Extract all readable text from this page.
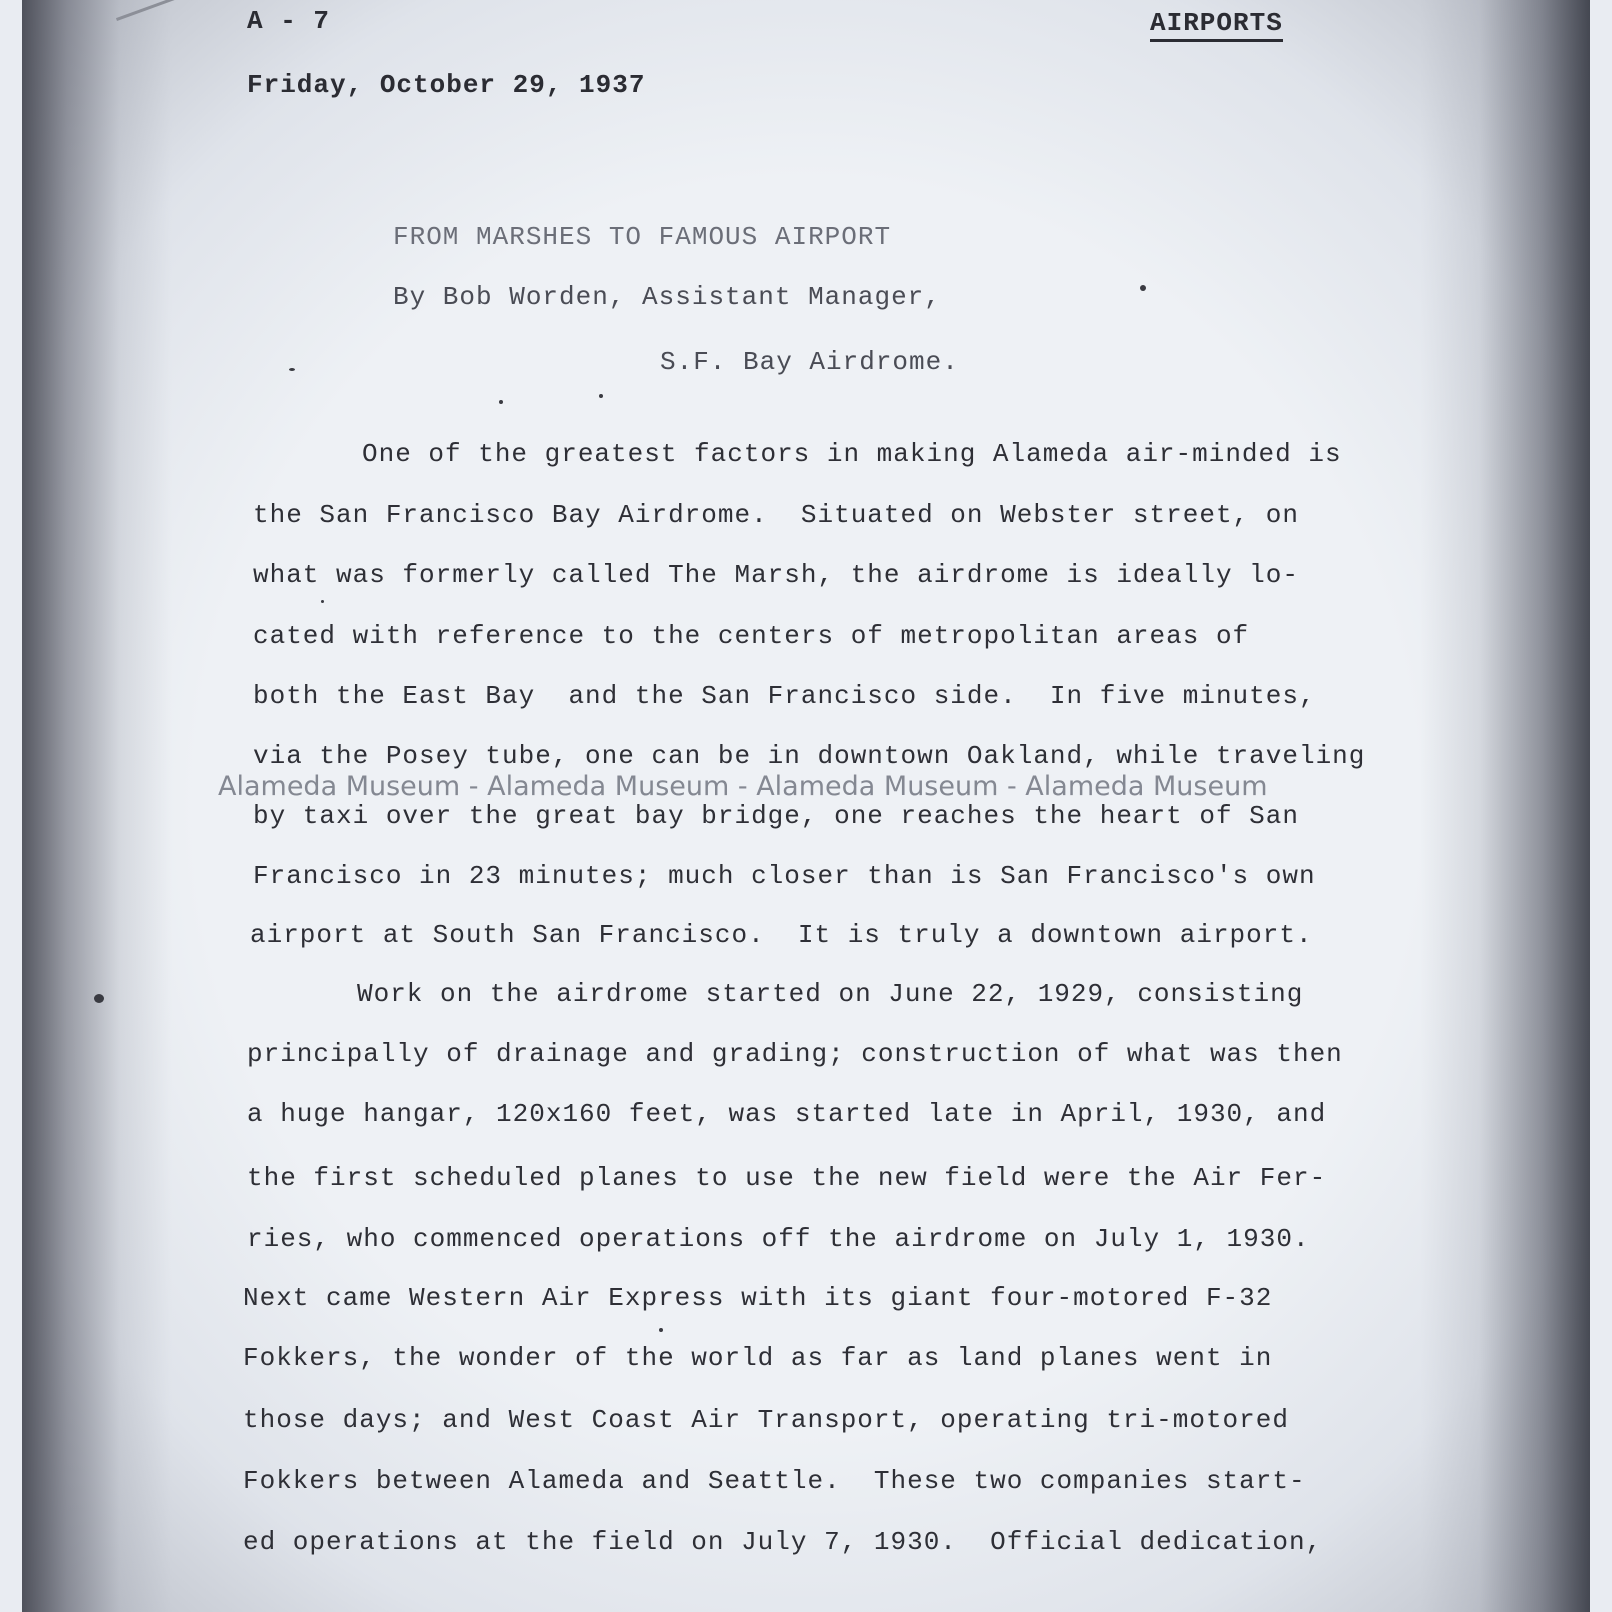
A - 7	AIRPORTS
Friday, October 29, 1937
FROM MARSHES TO FAMOUS AIRPORT
By Bob Worden, Assistant Manager,
S.F. Bay Airdrome.
One of the greatest factors in making Alameda air-minded is
the San Francisco Bay Airdrome.  Situated on Webster street, on
what was formerly called The Marsh, the airdrome is ideally lo-
cated with reference to the centers of metropolitan areas of
both the East Bay  and the San Francisco side.  In five minutes,
via the Posey tube, one can be in downtown Oakland, while traveling
by taxi over the great bay bridge, one reaches the heart of San
Francisco in 23 minutes; much closer than is San Francisco's own
airport at South San Francisco.  It is truly a downtown airport.
Work on the airdrome started on June 22, 1929, consisting
principally of drainage and grading; construction of what was then
a huge hangar, 120x160 feet, was started late in April, 1930, and
the first scheduled planes to use the new field were the Air Fer-
ries, who commenced operations off the airdrome on July 1, 1930.
Next came Western Air Express with its giant four-motored F-32
Fokkers, the wonder of the world as far as land planes went in
those days; and West Coast Air Transport, operating tri-motored
Fokkers between Alameda and Seattle.  These two companies start-
ed operations at the field on July 7, 1930.  Official dedication,
Alameda Museum - Alameda Museum - Alameda Museum - Alameda Museum
